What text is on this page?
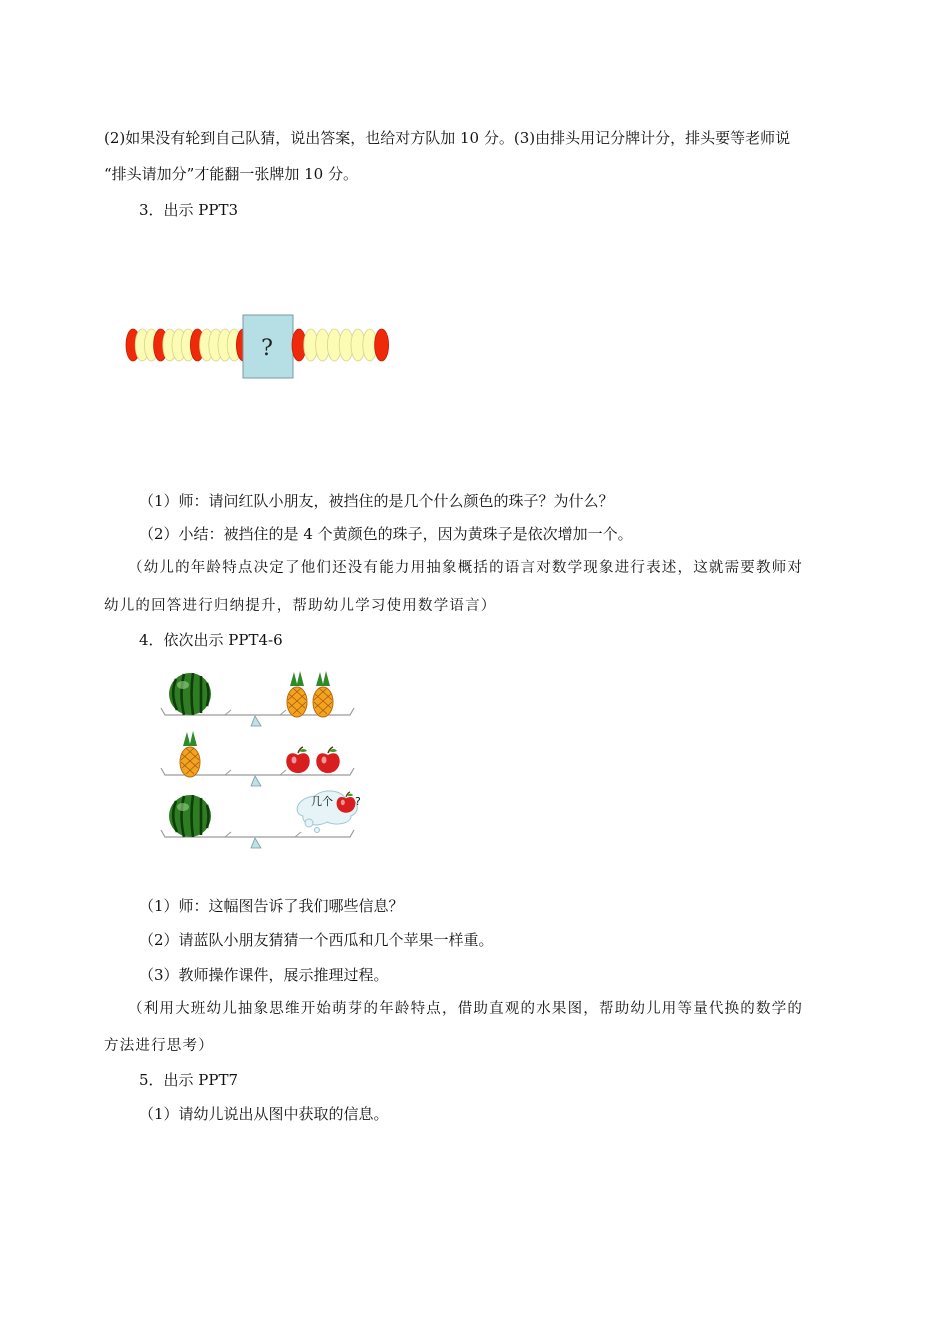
(2)如果没有轮到自己队猜，说出答案，也给对方队加 10 分。(3)由排头用记分牌计分，排头要等老师说

“排头请加分”才能翻一张牌加 10 分。

3．出示 PPT3

?

（1）师：请问红队小朋友，被挡住的是几个什么颜色的珠子？为什么？

（2）小结：被挡住的是 4 个黄颜色的珠子，因为黄珠子是依次增加一个。

（幼儿的年龄特点决定了他们还没有能力用抽象概括的语言对数学现象进行表述，这就需要教师对

幼儿的回答进行归纳提升，帮助幼儿学习使用数学语言）

4．依次出示 PPT4-6

几个 ?

（1）师：这幅图告诉了我们哪些信息？

（2）请蓝队小朋友猜猜一个西瓜和几个苹果一样重。

（3）教师操作课件，展示推理过程。

（利用大班幼儿抽象思维开始萌芽的年龄特点，借助直观的水果图，帮助幼儿用等量代换的数学的

方法进行思考）

5．出示 PPT7

（1）请幼儿说出从图中获取的信息。
